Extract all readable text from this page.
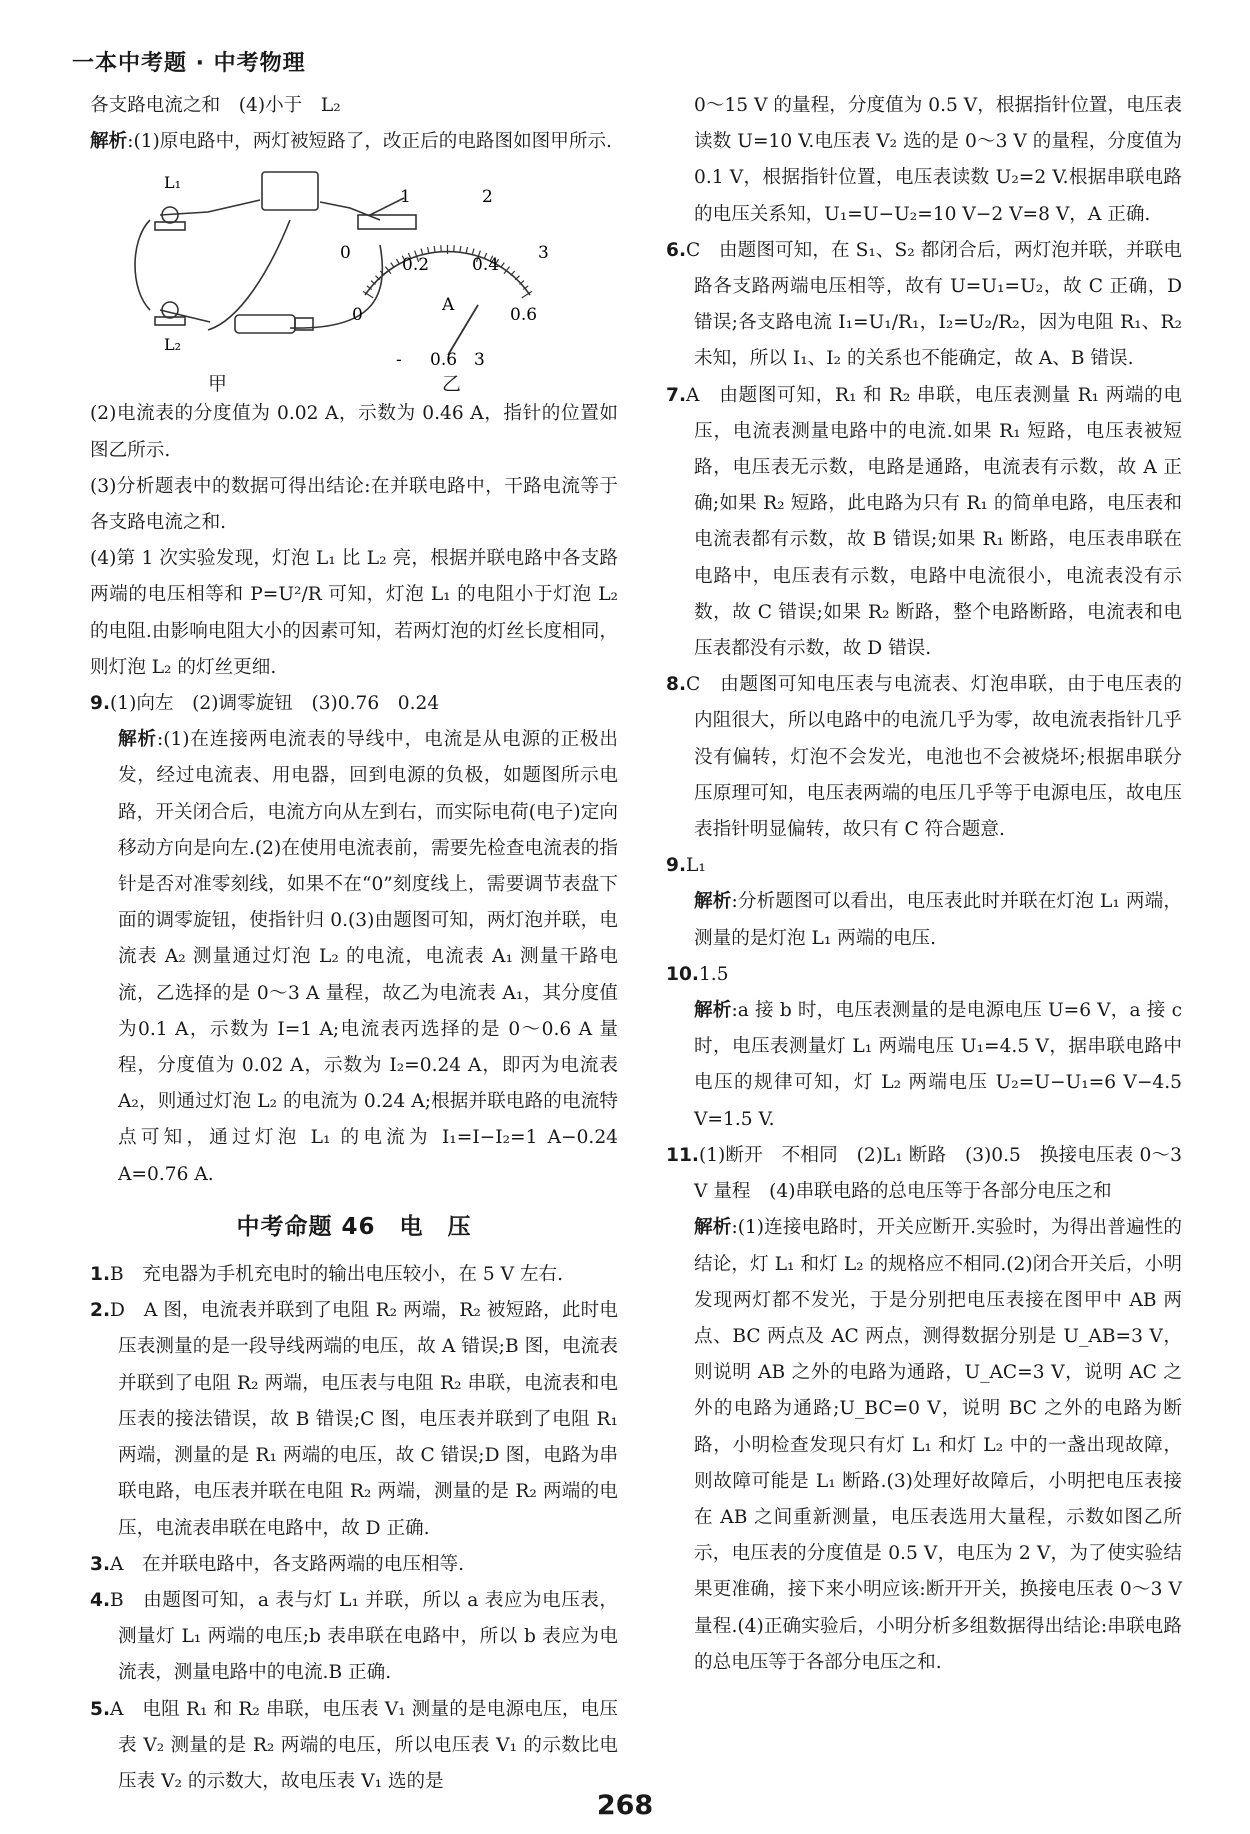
一本中考题 · 中考物理

各支路电流之和　(4)小于　L₂

解析:(1)原电路中，两灯被短路了，改正后的电路图如图甲所示.

L₁
L₂
1	2
0	3
0
0.2	0.4
0.6
A
- 0.6 3
甲	乙

(2)电流表的分度值为 0.02 A，示数为 0.46 A，指针的位置如图乙所示.

(3)分析题表中的数据可得出结论:在并联电路中，干路电流等于各支路电流之和.

(4)第 1 次实验发现，灯泡 L₁ 比 L₂ 亮，根据并联电路中各支路两端的电压相等和 P=U²/R 可知，灯泡 L₁ 的电阻小于灯泡 L₂ 的电阻.由影响电阻大小的因素可知，若两灯泡的灯丝长度相同，则灯泡 L₂ 的灯丝更细.

9.(1)向左　(2)调零旋钮　(3)0.76　0.24

解析:(1)在连接两电流表的导线中，电流是从电源的正极出发，经过电流表、用电器，回到电源的负极，如题图所示电路，开关闭合后，电流方向从左到右，而实际电荷(电子)定向移动方向是向左.(2)在使用电流表前，需要先检查电流表的指针是否对准零刻线，如果不在“0”刻度线上，需要调节表盘下面的调零旋钮，使指针归 0.(3)由题图可知，两灯泡并联，电流表 A₂ 测量通过灯泡 L₂ 的电流，电流表 A₁ 测量干路电流，乙选择的是 0～3 A 量程，故乙为电流表 A₁，其分度值为0.1 A，示数为 I=1 A;电流表丙选择的是 0～0.6 A 量程，分度值为 0.02 A，示数为 I₂=0.24 A，即丙为电流表 A₂，则通过灯泡 L₂ 的电流为 0.24 A;根据并联电路的电流特点可知，通过灯泡 L₁ 的电流为 I₁=I−I₂=1 A−0.24 A=0.76 A.

中考命题 46　电　压

1.B　充电器为手机充电时的输出电压较小，在 5 V 左右.

2.D　A 图，电流表并联到了电阻 R₂ 两端，R₂ 被短路，此时电压表测量的是一段导线两端的电压，故 A 错误;B 图，电流表并联到了电阻 R₂ 两端，电压表与电阻 R₂ 串联，电流表和电压表的接法错误，故 B 错误;C 图，电压表并联到了电阻 R₁ 两端，测量的是 R₁ 两端的电压，故 C 错误;D 图，电路为串联电路，电压表并联在电阻 R₂ 两端，测量的是 R₂ 两端的电压，电流表串联在电路中，故 D 正确.

3.A　在并联电路中，各支路两端的电压相等.

4.B　由题图可知，a 表与灯 L₁ 并联，所以 a 表应为电压表，测量灯 L₁ 两端的电压;b 表串联在电路中，所以 b 表应为电流表，测量电路中的电流.B 正确.

5.A　电阻 R₁ 和 R₂ 串联，电压表 V₁ 测量的是电源电压，电压表 V₂ 测量的是 R₂ 两端的电压，所以电压表 V₁ 的示数比电压表 V₂ 的示数大，故电压表 V₁ 选的是

0～15 V 的量程，分度值为 0.5 V，根据指针位置，电压表读数 U=10 V.电压表 V₂ 选的是 0～3 V 的量程，分度值为 0.1 V，根据指针位置，电压表读数 U₂=2 V.根据串联电路的电压关系知，U₁=U−U₂=10 V−2 V=8 V，A 正确.

6.C　由题图可知，在 S₁、S₂ 都闭合后，两灯泡并联，并联电路各支路两端电压相等，故有 U=U₁=U₂，故 C 正确，D 错误;各支路电流 I₁=U₁/R₁，I₂=U₂/R₂，因为电阻 R₁、R₂ 未知，所以 I₁、I₂ 的关系也不能确定，故 A、B 错误.

7.A　由题图可知，R₁ 和 R₂ 串联，电压表测量 R₁ 两端的电压，电流表测量电路中的电流.如果 R₁ 短路，电压表被短路，电压表无示数，电路是通路，电流表有示数，故 A 正确;如果 R₂ 短路，此电路为只有 R₁ 的简单电路，电压表和电流表都有示数，故 B 错误;如果 R₁ 断路，电压表串联在电路中，电压表有示数，电路中电流很小，电流表没有示数，故 C 错误;如果 R₂ 断路，整个电路断路，电流表和电压表都没有示数，故 D 错误.

8.C　由题图可知电压表与电流表、灯泡串联，由于电压表的内阻很大，所以电路中的电流几乎为零，故电流表指针几乎没有偏转，灯泡不会发光，电池也不会被烧坏;根据串联分压原理可知，电压表两端的电压几乎等于电源电压，故电压表指针明显偏转，故只有 C 符合题意.

9.L₁

解析:分析题图可以看出，电压表此时并联在灯泡 L₁ 两端，测量的是灯泡 L₁ 两端的电压.

10.1.5

解析:a 接 b 时，电压表测量的是电源电压 U=6 V，a 接 c 时，电压表测量灯 L₁ 两端电压 U₁=4.5 V，据串联电路中电压的规律可知，灯 L₂ 两端电压 U₂=U−U₁=6 V−4.5 V=1.5 V.

11.(1)断开　不相同　(2)L₁ 断路　(3)0.5　换接电压表 0～3 V 量程　(4)串联电路的总电压等于各部分电压之和

解析:(1)连接电路时，开关应断开.实验时，为得出普遍性的结论，灯 L₁ 和灯 L₂ 的规格应不相同.(2)闭合开关后，小明发现两灯都不发光，于是分别把电压表接在图甲中 AB 两点、BC 两点及 AC 两点，测得数据分别是 U_AB=3 V，则说明 AB 之外的电路为通路，U_AC=3 V，说明 AC 之外的电路为通路;U_BC=0 V，说明 BC 之外的电路为断路，小明检查发现只有灯 L₁ 和灯 L₂ 中的一盏出现故障，则故障可能是 L₁ 断路.(3)处理好故障后，小明把电压表接在 AB 之间重新测量，电压表选用大量程，示数如图乙所示，电压表的分度值是 0.5 V，电压为 2 V，为了使实验结果更准确，接下来小明应该:断开开关，换接电压表 0～3 V 量程.(4)正确实验后，小明分析多组数据得出结论:串联电路的总电压等于各部分电压之和.

268
